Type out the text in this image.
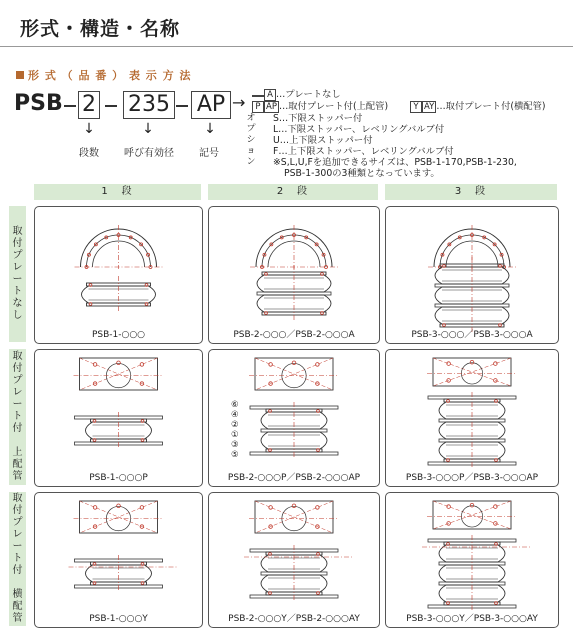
形式・構造・名称
形 式 （ 品 番 ） 表 示 方 法
PSB 2 235 AP →
↓	↓	↓
段数	呼び有効径	記号
A …プレートなし
P AP …取付プレート付(上配管)	Y AY …取付プレート付(横配管)
オ
プ
シ
ョ
ン
S…下限ストッパー付
L…下限ストッパー、レベリングバルブ付
U…上下限ストッパー付
F…上下限ストッパー、レベリングバルブ付
※S,L,U,Fを追加できるサイズは、PSB-1-170,PSB-1-230,
PSB-1-300の3種類となっています。
1　段	2　段	3　段
取
付
プ
レ
ー
ト
な
し
取
付
プ
レ
ー
ト
付

上
配
管
取
付
プ
レ
ー
ト
付

横
配
管
PSB-1-○○○	PSB-2-○○○／PSB-2-○○○A	PSB-3-○○○／PSB-3-○○○A
PSB-1-○○○P
⑥
④
②
①
③
⑤
PSB-2-○○○P／PSB-2-○○○AP	PSB-3-○○○P／PSB-3-○○○AP
PSB-1-○○○Y	PSB-2-○○○Y／PSB-2-○○○AY	PSB-3-○○○Y／PSB-3-○○○AY
